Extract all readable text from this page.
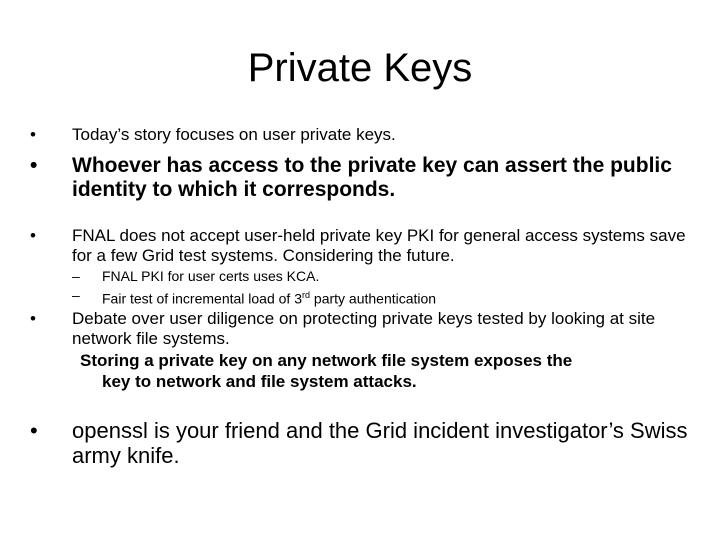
Private Keys
• Today’s story focuses on user private keys.
• Whoever has access to the private key can assert the public identity to which it corresponds.
• FNAL does not accept user-held private key PKI for general access systems save for a few Grid test systems. Considering the future.
– FNAL PKI for user certs uses KCA.
– Fair test of incremental load of 3rd party authentication
• Debate over user diligence on protecting private keys tested by looking at site network file systems.
Storing a private key on any network file system exposes the
key to network and file system attacks.
• openssl is your friend and the Grid incident investigator’s Swiss army knife.
